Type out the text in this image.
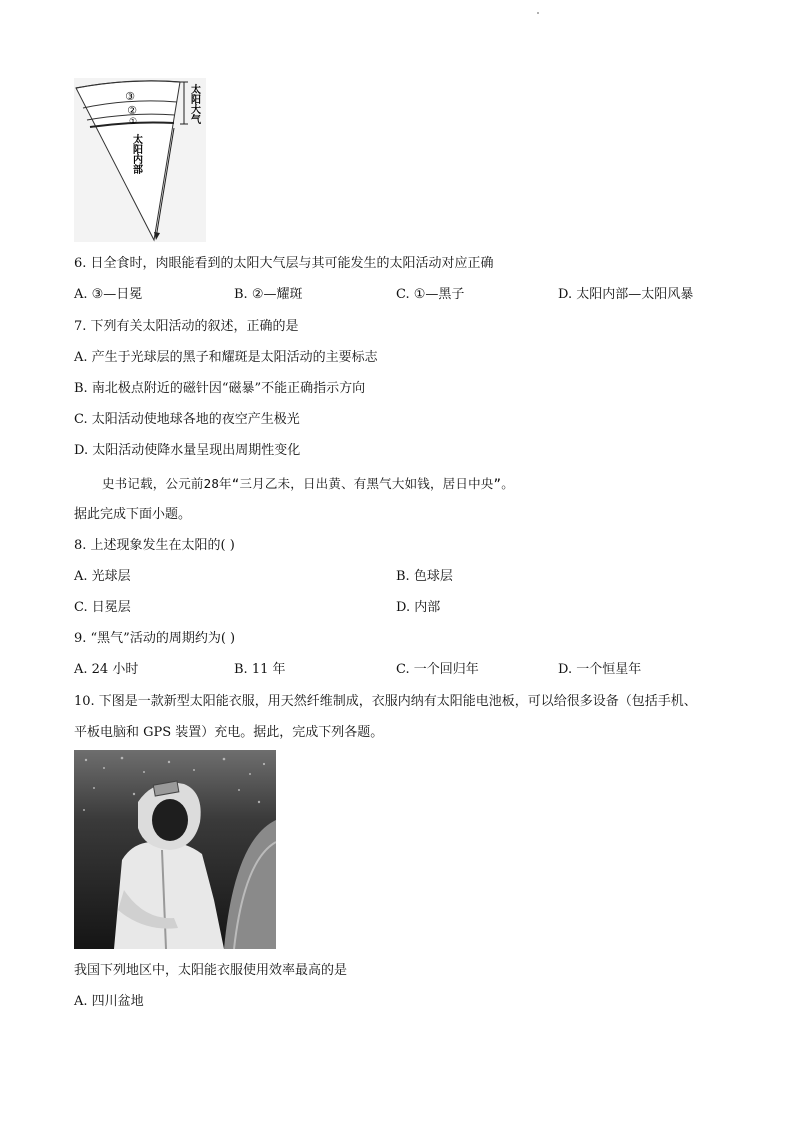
③
②
①
太阳内部
太阳大气
6. 日全食时，肉眼能看到的太阳大气层与其可能发生的太阳活动对应正确
A. ③—日冕	B. ②—耀斑	C. ①—黑子	D. 太阳内部—太阳风暴
7. 下列有关太阳活动的叙述，正确的是
A. 产生于光球层的黑子和耀斑是太阳活动的主要标志
B. 南北极点附近的磁针因“磁暴”不能正确指示方向
C. 太阳活动使地球各地的夜空产生极光
D. 太阳活动使降水量呈现出周期性变化
史书记载，公元前28年“三月乙未，日出黄、有黑气大如钱，居日中央”。
据此完成下面小题。
8. 上述现象发生在太阳的( )
A. 光球层	B. 色球层
C. 日冕层	D. 内部
9. “黑气”活动的周期约为( )
A. 24 小时	B. 11 年	C. 一个回归年	D. 一个恒星年
10. 下图是一款新型太阳能衣服，用天然纤维制成，衣服内纳有太阳能电池板，可以给很多设备（包括手机、
平板电脑和 GPS 装置）充电。据此，完成下列各题。
我国下列地区中，太阳能衣服使用效率最高的是
A. 四川盆地
